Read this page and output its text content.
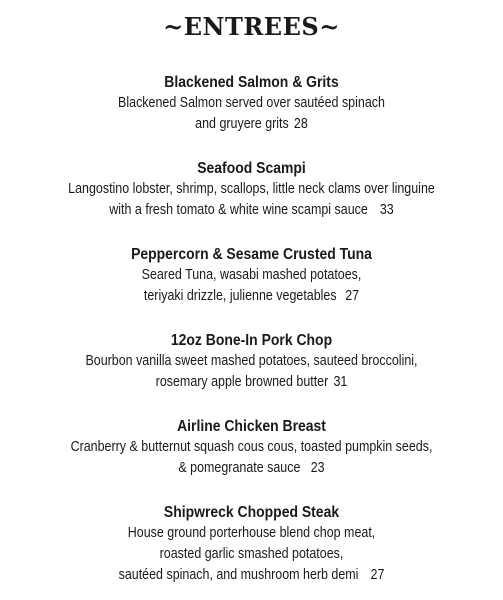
~ENTREES~
Blackened Salmon & Grits
Blackened Salmon served over sautéed spinach
and gruyere grits 28
Seafood Scampi
Langostino lobster, shrimp, scallops, little neck clams over linguine
with a fresh tomato & white wine scampi sauce 33
Peppercorn & Sesame Crusted Tuna
Seared Tuna, wasabi mashed potatoes,
teriyaki drizzle, julienne vegetables 27
12oz Bone-In Pork Chop
Bourbon vanilla sweet mashed potatoes, sauteed broccolini,
rosemary apple browned butter 31
Airline Chicken Breast
Cranberry & butternut squash cous cous, toasted pumpkin seeds,
& pomegranate sauce 23
Shipwreck Chopped Steak
House ground porterhouse blend chop meat,
roasted garlic smashed potatoes,
sautéed spinach, and mushroom herb demi 27
